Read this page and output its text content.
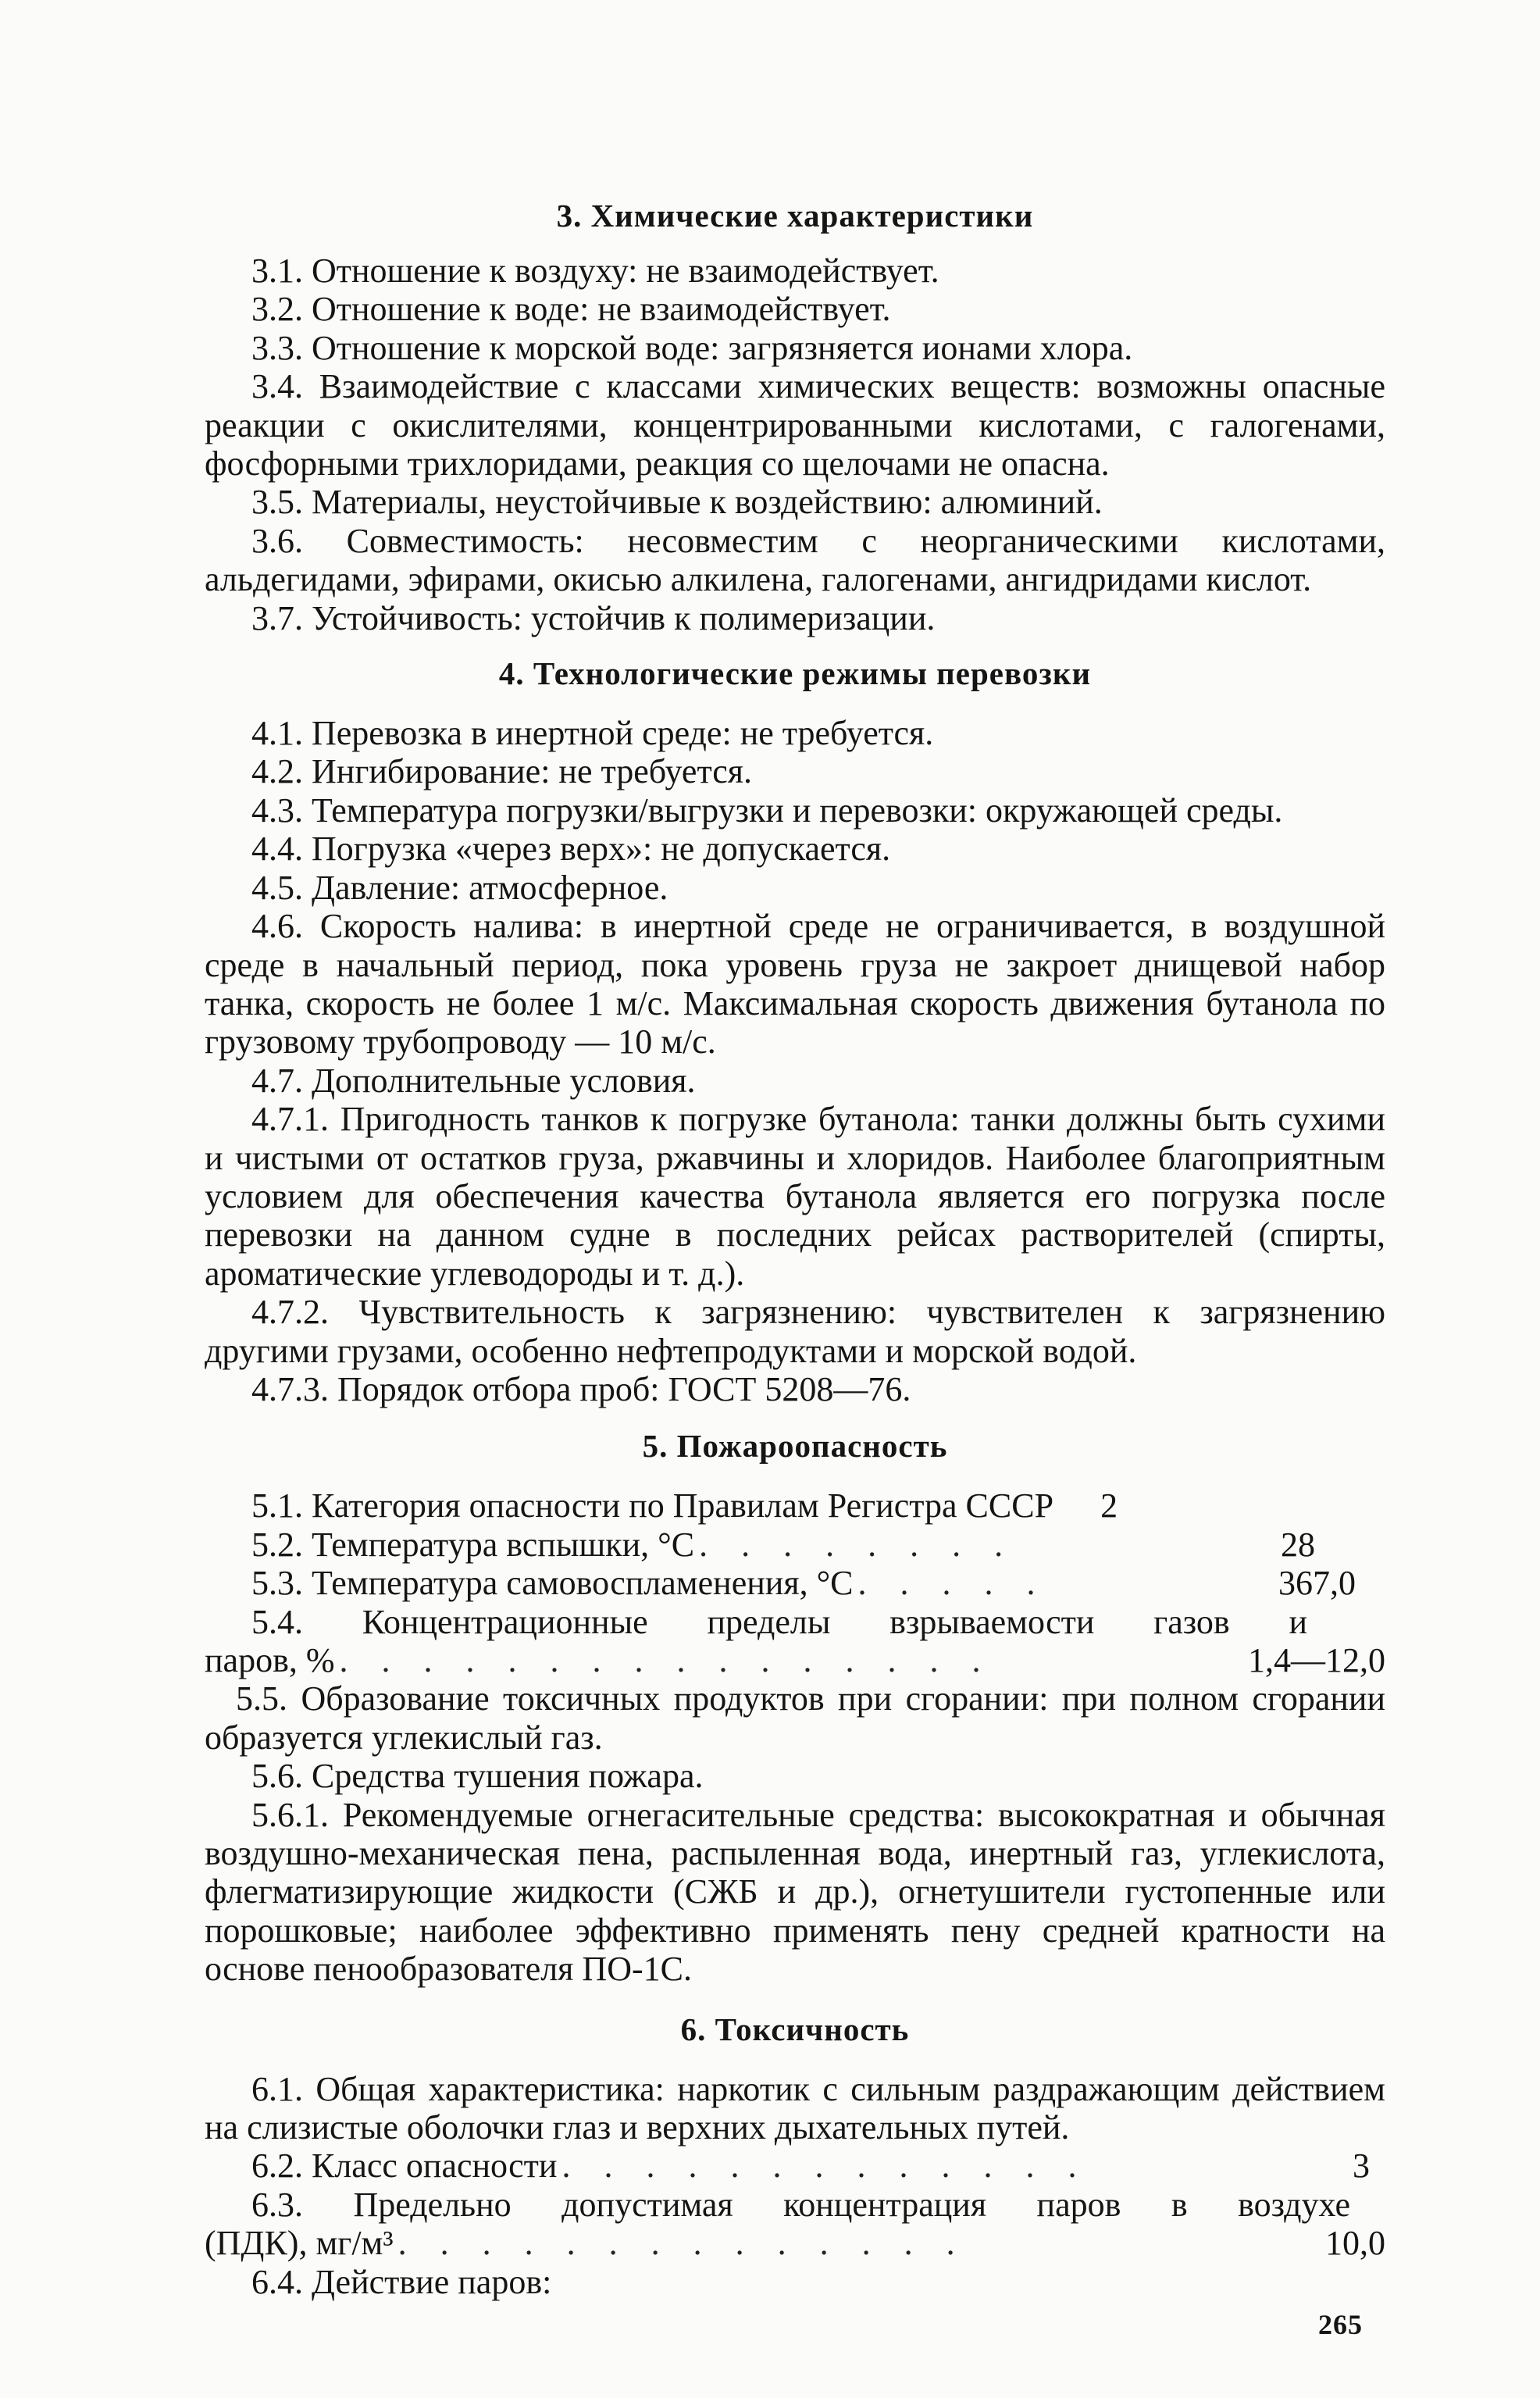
3. Химические характеристики

3.1. Отношение к воздуху: не взаимодействует.

3.2. Отношение к воде: не взаимодействует.

3.3. Отношение к морской воде: загрязняется ионами хлора.

3.4. Взаимодействие с классами химических веществ: возможны опасные реакции с окислителями, концентрированными кислотами, с галогенами, фосфорными трихлоридами, реакция со щелочами не опасна.

3.5. Материалы, неустойчивые к воздействию: алюминий.

3.6. Совместимость: несовместим с неорганическими кислотами, альдегидами, эфирами, окисью алкилена, галогенами, ангидридами кислот.

3.7. Устойчивость: устойчив к полимеризации.

4. Технологические режимы перевозки

4.1. Перевозка в инертной среде: не требуется.

4.2. Ингибирование: не требуется.

4.3. Температура погрузки/выгрузки и перевозки: окружающей среды.

4.4. Погрузка «через верх»: не допускается.

4.5. Давление: атмосферное.

4.6. Скорость налива: в инертной среде не ограничивается, в воздушной среде в начальный период, пока уровень груза не закроет днищевой набор танка, скорость не более 1 м/с. Максимальная скорость движения бутанола по грузовому трубопроводу — 10 м/с.

4.7. Дополнительные условия.

4.7.1. Пригодность танков к погрузке бутанола: танки должны быть сухими и чистыми от остатков груза, ржавчины и хлоридов. Наиболее благоприятным условием для обеспечения качества бутанола является его погрузка после перевозки на данном судне в последних рейсах растворителей (спирты, ароматические углеводороды и т. д.).

4.7.2. Чувствительность к загрязнению: чувствителен к загрязнению другими грузами, особенно нефтепродуктами и морской водой.

4.7.3. Порядок отбора проб: ГОСТ 5208—76.

5. Пожароопасность
5.1. Категория опасности по Правилам Регистра СССР 2
5.2. Температура вспышки, °С . . . . . . . .	28
5.3. Температура самовоспламенения, °С . . . . .	367,0

5.4. Концентрационные пределы взрываемости газов и

паров, % . . . . . . . . . . . . . . . .	1,4—12,0

5.5. Образование токсичных продуктов при сгорании: при полном сгорании образуется углекислый газ.

5.6. Средства тушения пожара.

5.6.1. Рекомендуемые огнегасительные средства: высокократная и обычная воздушно-механическая пена, распыленная вода, инертный газ, углекислота, флегматизирующие жидкости (СЖБ и др.), огнетушители густопенные или порошковые; наиболее эффективно применять пену средней кратности на основе пенообразователя ПО-1С.

6. Токсичность

6.1. Общая характеристика: наркотик с сильным раздражающим действием на слизистые оболочки глаз и верхних дыхательных путей.

6.2. Класс опасности . . . . . . . . . . . . .	3

6.3. Предельно допустимая концентрация паров в воздухе

(ПДК), мг/м³ . . . . . . . . . . . . . .	10,0

6.4. Действие паров:

265
